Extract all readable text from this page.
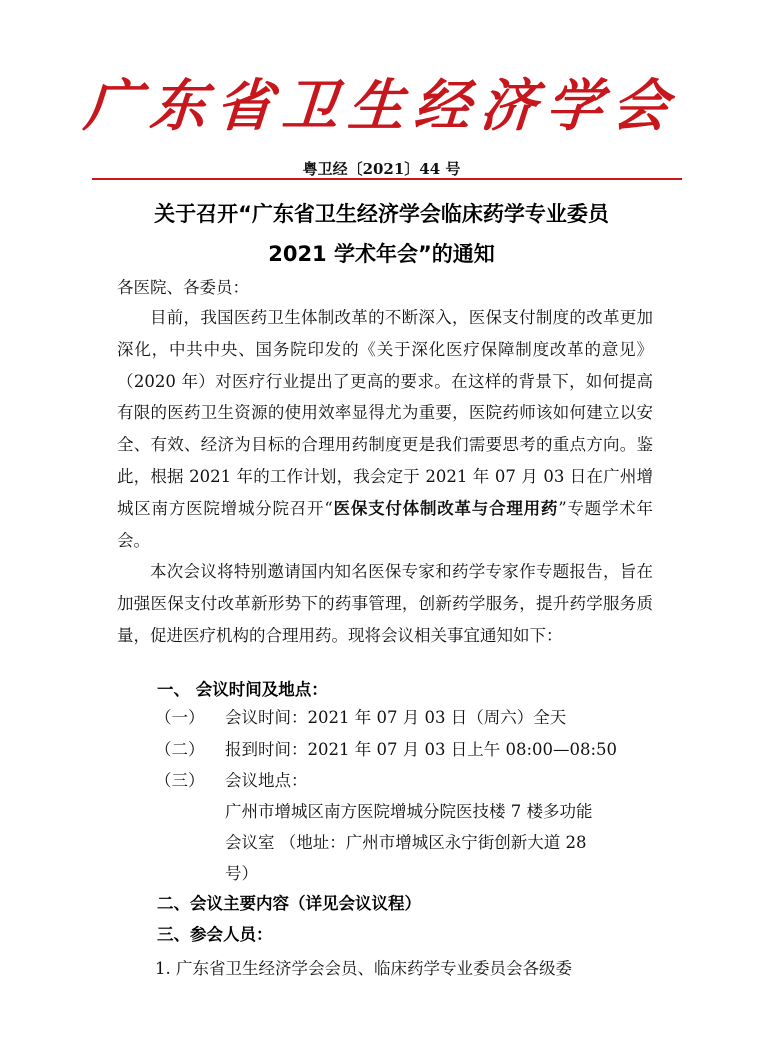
广东省卫生经济学会
粤卫经〔2021〕44 号
关于召开“广东省卫生经济学会临床药学专业委员
2021 学术年会”的通知
各医院、各委员：

目前，我国医药卫生体制改革的不断深入，医保支付制度的改革更加深化，中共中央、国务院印发的《关于深化医疗保障制度改革的意见》（2020 年）对医疗行业提出了更高的要求。在这样的背景下，如何提高有限的医药卫生资源的使用效率显得尤为重要，医院药师该如何建立以安全、有效、经济为目标的合理用药制度更是我们需要思考的重点方向。鉴此，根据 2021 年的工作计划，我会定于 2021 年 07 月 03 日在广州增城区南方医院增城分院召开“医保支付体制改革与合理用药”专题学术年会。

本次会议将特别邀请国内知名医保专家和药学专家作专题报告，旨在加强医保支付改革新形势下的药事管理，创新药学服务，提升药学服务质量，促进医疗机构的合理用药。现将会议相关事宜通知如下：

一、 会议时间及地点：
（一） 会议时间：2021 年 07 月 03 日（周六）全天
（二） 报到时间：2021 年 07 月 03 日上午 08:00—08:50
（三） 会议地点：
广州市增城区南方医院增城分院医技楼 7 楼多功能
会议室 （地址：广州市增城区永宁街创新大道 28
号）
二、会议主要内容（详见会议议程）
三、参会人员：
1. 广东省卫生经济学会会员、临床药学专业委员会各级委
